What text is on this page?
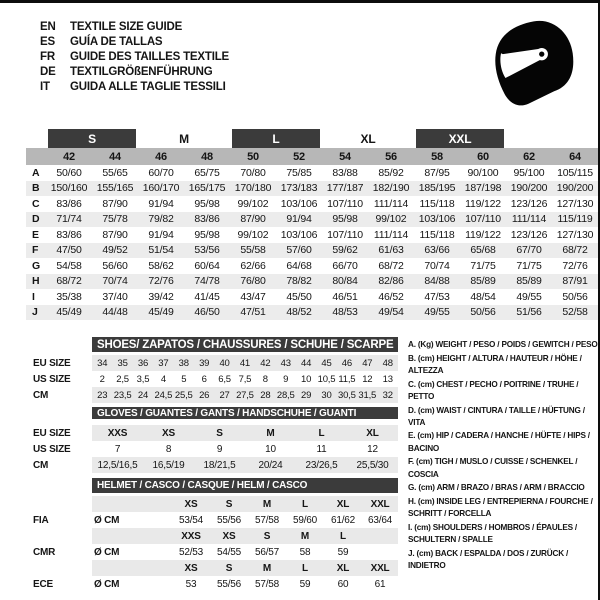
EN	TEXTILE SIZE GUIDE
ES	GUÍA DE TALLAS
FR	GUIDE DES TAILLES TEXTILE
DE	TEXTILGRÖßENFÜHRUNG
IT	GUIDA ALLE TAGLIE TESSILI
	S		M		L		XL		XXL			
	42	44	46	48	50	52	54	56	58	60	62	64
A	50/60	55/65	60/70	65/75	70/80	75/85	83/88	85/92	87/95	90/100	95/100	105/115
B	150/160	155/165	160/170	165/175	170/180	173/183	177/187	182/190	185/195	187/198	190/200	190/200
C	83/86	87/90	91/94	95/98	99/102	103/106	107/110	111/114	115/118	119/122	123/126	127/130
D	71/74	75/78	79/82	83/86	87/90	91/94	95/98	99/102	103/106	107/110	111/114	115/119
E	83/86	87/90	91/94	95/98	99/102	103/106	107/110	111/114	115/118	119/122	123/126	127/130
F	47/50	49/52	51/54	53/56	55/58	57/60	59/62	61/63	63/66	65/68	67/70	68/72
G	54/58	56/60	58/62	60/64	62/66	64/68	66/70	68/72	70/74	71/75	71/75	72/76
H	68/72	70/74	72/76	74/78	76/80	78/82	80/84	82/86	84/88	85/89	85/89	87/91
I	35/38	37/40	39/42	41/45	43/47	45/50	46/51	46/52	47/53	48/54	49/55	50/56
J	45/49	44/48	45/49	46/50	47/51	48/52	48/53	49/54	49/55	50/56	51/56	52/58
	SHOES/ ZAPATOS / CHAUSSURES / SCHUHE / SCARPE														
EU SIZE	34	35	36	37	38	39	40	41	42	43	44	45	46	47	48
US SIZE	2	2,5	3,5	4	5	6	6,5	7,5	8	9	10	10,5	11,5	12	13
CM	23	23,5	24	24,5	25,5	26	27	27,5	28	28,5	29	30	30,5	31,5	32
	GLOVES / GUANTES / GANTS / HANDSCHUHE / GUANTI					
EU SIZE	XXS	XS	S	M	L	XL
US SIZE	7	8	9	10	11	12
CM	12,5/16,5	16,5/19	18/21,5	20/24	23/26,5	25,5/30
	HELMET / CASCO / CASQUE / HELM / CASCO							
			XS	S	M	L	XL	XXL
FIA	Ø CM		53/54	55/56	57/58	59/60	61/62	63/64
			XXS	XS	S	M	L	
CMR	Ø CM		52/53	54/55	56/57	58	59	
			XS	S	M	L	XL	XXL
ECE	Ø CM		53	55/56	57/58	59	60	61
A. (Kg) WEIGHT / PESO / POIDS / GEWITCH / PESO
B. (cm) HEIGHT / ALTURA / HAUTEUR / HÖHE / ALTEZZA
C. (cm) CHEST / PECHO / POITRINE / TRUHE / PETTO
D. (cm) WAIST / CINTURA / TAILLE / HÜFTUNG / VITA
E. (cm) HIP / CADERA / HANCHE / HÜFTE / HIPS / BACINO
F. (cm) TIGH / MUSLO / CUISSE / SCHENKEL / COSCIA
G. (cm) ARM / BRAZO / BRAS / ARM / BRACCIO
H. (cm) INSIDE LEG / ENTREPIERNA / FOURCHE / SCHRITT / FORCELLA
I. (cm) SHOULDERS / HOMBROS / ÉPAULES / SCHULTERN / SPALLE
J. (cm) BACK / ESPALDA / DOS / ZURÜCK / INDIETRO
